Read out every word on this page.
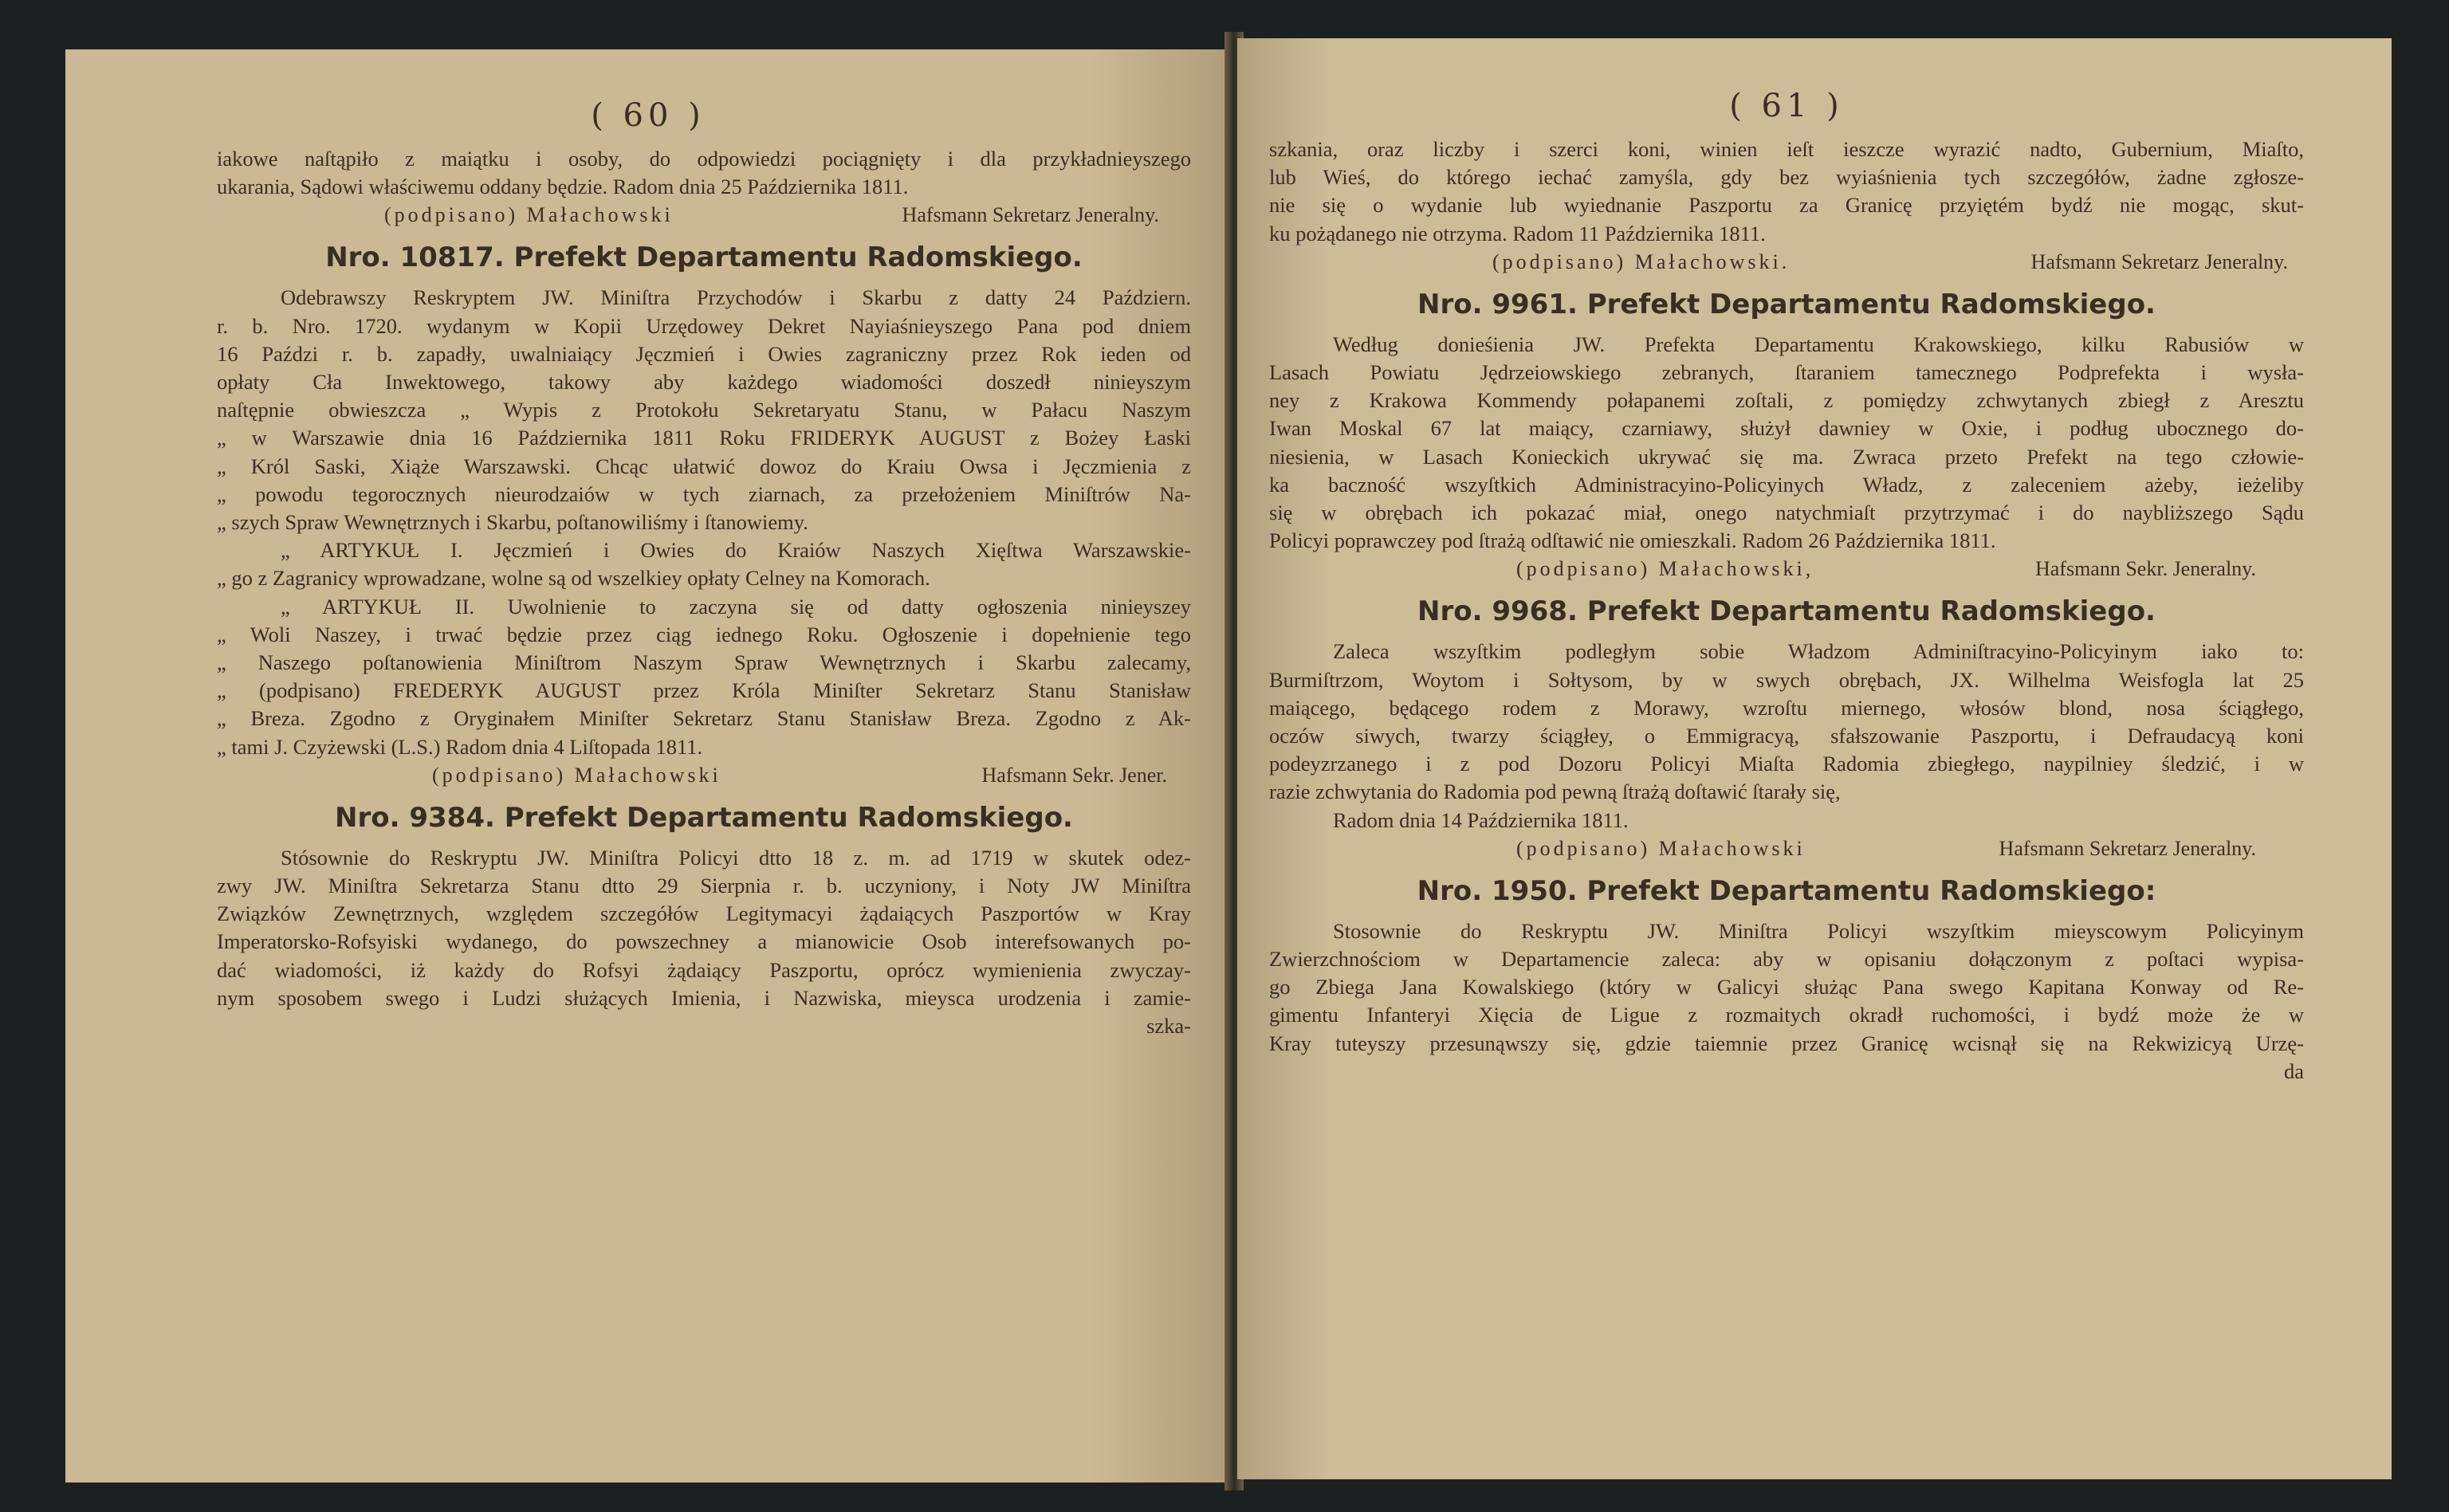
( 60 )
iakowe naſtąpiło z maiątku i osoby, do odpowiedzi pociągnięty i dla przykładnieyszego
ukarania, Sądowi właściwemu oddany będzie. Radom dnia 25 Października 1811.
(podpisano) Małachowski	Hafsmann Sekretarz Jeneralny.
Nro. 10817. Prefekt Departamentu Radomskiego.
Odebrawszy Reskryptem JW. Miniſtra Przychodów i Skarbu z datty 24 Październ.
r. b. Nro. 1720. wydanym w Kopii Urzędowey Dekret Nayiaśnieyszego Pana pod dniem
16 Paździ r. b. zapadły, uwalniaiący Jęczmień i Owies zagraniczny przez Rok ieden od
opłaty Cła Inwektowego, takowy aby każdego wiadomości doszedł niniеyszym
naſtępnie obwieszcza „ Wypis z Protokołu Sekretaryatu Stanu, w Pałacu Naszym
„ w Warszawie dnia 16 Października 1811 Roku FRIDERYK AUGUST z Bożey Łaski
„ Król Saski, Xiąże Warszawski. Chcąc ułatwić dowoz do Kraiu Owsa i Jęczmienia z
„ powodu tegorocznych nieurodzaiów w tych ziarnach, za przełożeniem Miniſtrów Na-
„ szych Spraw Wewnętrznych i Skarbu, poſtanowiliśmy i ſtanowiemy.
„ ARTYKUŁ I. Jęczmień i Owies do Kraiów Naszych Xięſtwa Warszawskie-
„ go z Zagranicy wprowadzane, wolne są od wszelkiey opłaty Celney na Komorach.
„ ARTYKUŁ II. Uwolnienie to zaczyna się od datty ogłoszenia niniеyszey
„ Woli Naszey, i trwać będzie przez ciąg iednego Roku. Ogłoszenie i dopełnienie tego
„ Naszego poſtanowienia Miniſtrom Naszym Spraw Wewnętrznych i Skarbu zalecamy,
„ (podpisano) FREDERYK AUGUST przez Króla Miniſter Sekretarz Stanu Stanisław
„ Breza. Zgodno z Oryginałem Miniſter Sekretarz Stanu Stanisław Breza. Zgodno z Ak-
„ tami J. Czyżewski (L.S.) Radom dnia 4 Liſtopada 1811.
(podpisano) Małachowski	Hafsmann Sekr. Jener.
Nro. 9384. Prefekt Departamentu Radomskiego.
Stósownie do Reskryptu JW. Miniſtra Policyi dtto 18 z. m. ad 1719 w skutek odez-
zwy JW. Miniſtra Sekretarza Stanu dtto 29 Sierpnia r. b. uczyniony, i Noty JW Miniſtra
Związków Zewnętrznych, względem szczegółów Legitymacyi żądaiących Paszportów w Kray
Imperatorsko-Rofsyiski wydanego, do powszechney a mianowicie Osob interefsowanych po-
dać wiadomości, iż każdy do Rofsyi żądaiący Paszportu, oprócz wymienienia zwyczay-
nym sposobem swego i Ludzi służących Imienia, i Nazwiska, mieysca urodzenia i zamie-
szka-
( 61 )
szkania, oraz liczby i szerci koni, winien ieſt ieszcze wyrazić nadto, Gubernium, Miaſto,
lub Wieś, do którego iechać zamyśla, gdy bez wyiaśnienia tych szczegółów, żadne zgłosze-
nie się o wydanie lub wyiednanie Paszportu za Granicę przyiętém bydź nie mogąc, skut-
ku pożądanego nie otrzyma. Radom 11 Października 1811.
(podpisano) Małachowski.	Hafsmann Sekretarz Jeneralny.
Nro. 9961. Prefekt Departamentu Radomskiego.
Według donieśienia JW. Prefekta Departamentu Krakowskiego, kilku Rabusiów w
Lasach Powiatu Jędrzeiowskiego zebranych, ſtaraniem tamecznego Podprefekta i wysła-
ney z Krakowa Kommendy połapanemi zoſtali, z pomiędzy zchwytanych zbiegł z Aresztu
Iwan Moskal 67 lat maiący, czarniawy, służył dawniey w Oxie, i podług ubocznego do-
niesienia, w Lasach Konieckich ukrywać się ma. Zwraca przeto Prefekt na tego człowie-
ka baczność wszyſtkich Administracyino-Policyinych Władz, z zaleceniem ażeby, ieżeliby
się w obrębach ich pokazać miał, onego natychmiaſt przytrzymać i do naybliższego Sądu
Policyi poprawczey pod ſtrażą odſtawić nie omieszkali. Radom 26 Października 1811.
(podpisano) Małachowski,	Hafsmann Sekr. Jeneralny.
Nro. 9968. Prefekt Departamentu Radomskiego.
Zaleca wszyſtkim podległym sobie Władzom Adminiſtracyino-Policyinym iako to:
Burmiſtrzom, Woytom i Sołtysom, by w swych obrębach, JX. Wilhelma Weisfogla lat 25
maiącego, będącego rodem z Morawy, wzroſtu miernego, włosów blond, nosa ściągłego,
oczów siwych, twarzy ściągłey, o Emmigracyą, sfałszowanie Paszportu, i Defraudacyą koni
podeyzrzanego i z pod Dozoru Policyi Miaſta Radomia zbiegłego, naypilniey śledzić, i w
razie zchwytania do Radomia pod pewną ſtrażą doſtawić ſtarały się,
Radom dnia 14 Października 1811.
(podpisano) Małachowski	Hafsmann Sekretarz Jeneralny.
Nro. 1950. Prefekt Departamentu Radomskiego:
Stosownie do Reskryptu JW. Miniſtra Policyi wszyſtkim mieyscowym Policyinym
Zwierzchnościom w Departamencie zaleca: aby w opisaniu dołączonym z poſtaci wypisa-
go Zbiega Jana Kowalskiego (który w Galicyi służąc Pana swego Kapitana Konway od Re-
gimentu Infanteryi Xięcia de Ligue z rozmaitych okradł ruchomości, i bydź może że w
Kray tuteyszy przesunąwszy się, gdzie taiemnie przez Granicę wcisnął się na Rekwizicyą Urzę-
da
